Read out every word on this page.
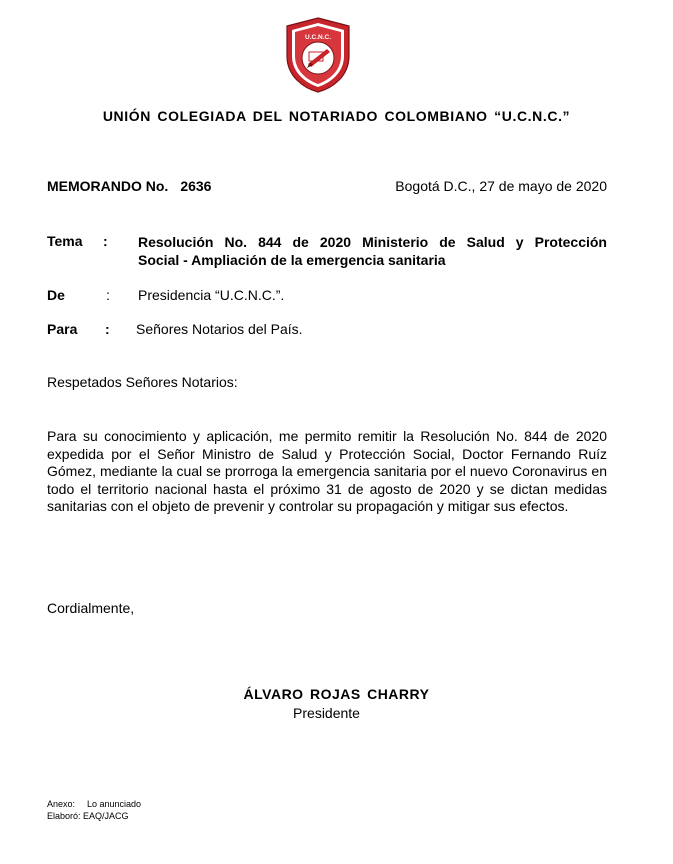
U.C.N.C.
UNIÓN COLEGIADA DEL NOTARIADO COLOMBIANO “U.C.N.C.”
MEMORANDO No. 2636	Bogotá D.C., 27 de mayo de 2020
Tema : Resolución No. 844 de 2020 Ministerio de Salud y Protección
Social - Ampliación de la emergencia sanitaria
De	: Presidencia “U.C.N.C.”.
Para : Señores Notarios del País.
Respetados Señores Notarios:
Para su conocimiento y aplicación, me permito remitir la Resolución No. 844 de 2020 expedida por el Señor Ministro de Salud y Protección Social, Doctor Fernando Ruíz Gómez, mediante la cual se prorroga la emergencia sanitaria por el nuevo Coronavirus en todo el territorio nacional hasta el próximo 31 de agosto de 2020 y se dictan medidas sanitarias con el objeto de prevenir y controlar su propagación y mitigar sus efectos.
Cordialmente,
ÁLVARO ROJAS CHARRY
Presidente
Anexo: Lo anunciado
Elaboró: EAQ/JACG
